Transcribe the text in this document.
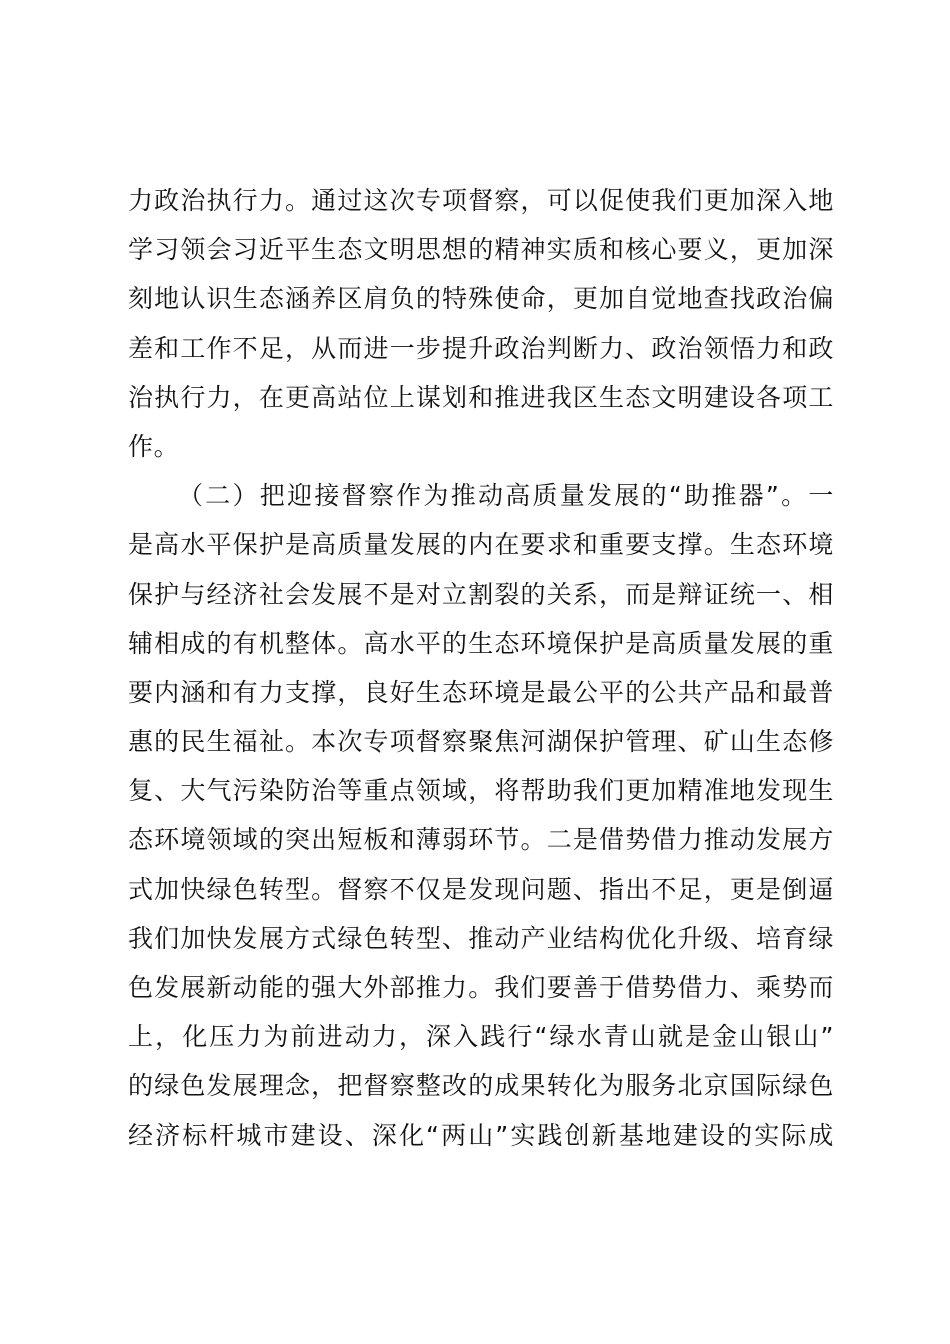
力政治执行力。通过这次专项督察，可以促使我们更加深入地
学习领会习近平生态文明思想的精神实质和核心要义，更加深
刻地认识生态涵养区肩负的特殊使命，更加自觉地查找政治偏
差和工作不足，从而进一步提升政治判断力、政治领悟力和政
治执行力，在更高站位上谋划和推进我区生态文明建设各项工
作。
（二）把迎接督察作为推动高质量发展的“助推器”。一
是高水平保护是高质量发展的内在要求和重要支撑。生态环境
保护与经济社会发展不是对立割裂的关系，而是辩证统一、相
辅相成的有机整体。高水平的生态环境保护是高质量发展的重
要内涵和有力支撑，良好生态环境是最公平的公共产品和最普
惠的民生福祉。本次专项督察聚焦河湖保护管理、矿山生态修
复、大气污染防治等重点领域，将帮助我们更加精准地发现生
态环境领域的突出短板和薄弱环节。二是借势借力推动发展方
式加快绿色转型。督察不仅是发现问题、指出不足，更是倒逼
我们加快发展方式绿色转型、推动产业结构优化升级、培育绿
色发展新动能的强大外部推力。我们要善于借势借力、乘势而
上，化压力为前进动力，深入践行“绿水青山就是金山银山”
的绿色发展理念，把督察整改的成果转化为服务北京国际绿色
经济标杆城市建设、深化“两山”实践创新基地建设的实际成
